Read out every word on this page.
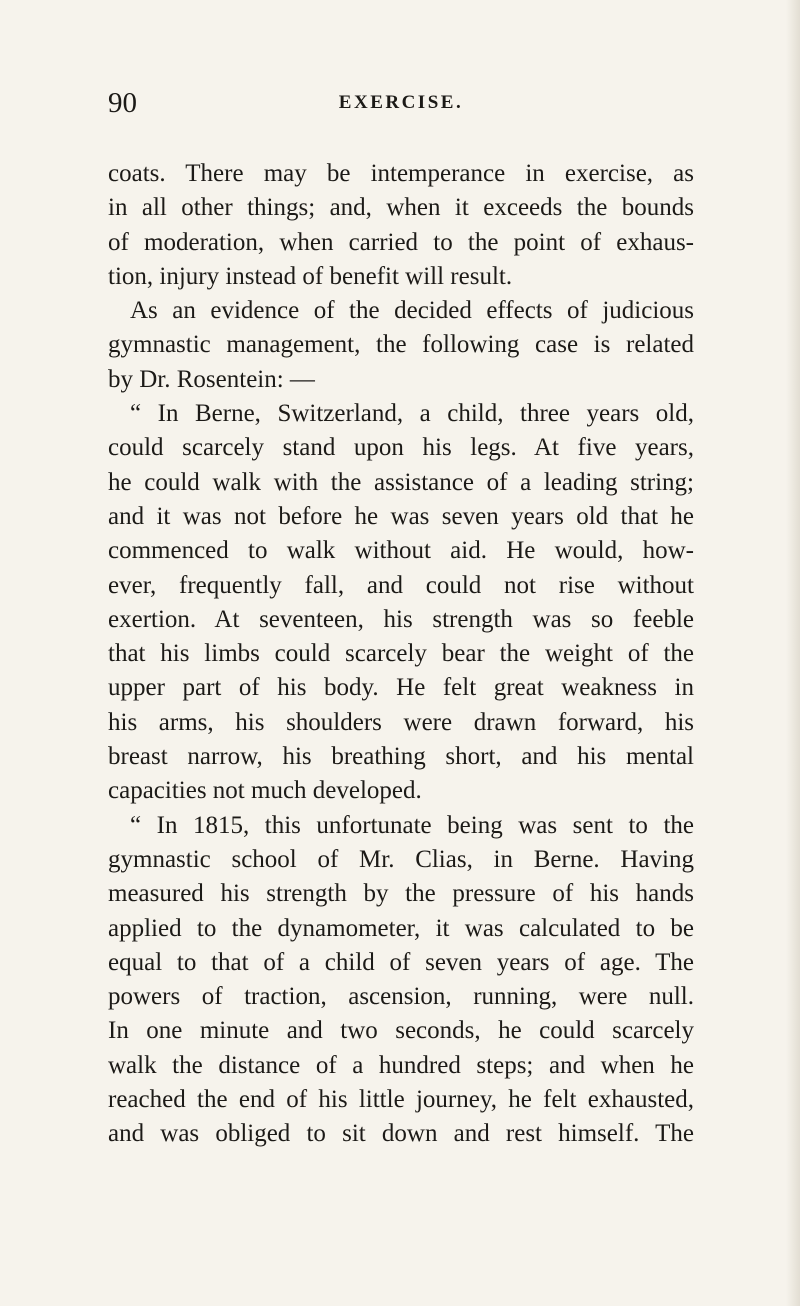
90	EXERCISE.
coats. There may be intemperance in exercise, as
in all other things; and, when it exceeds the bounds
of moderation, when carried to the point of exhaus-
tion, injury instead of benefit will result.
As an evidence of the decided effects of judicious
gymnastic management, the following case is related
by Dr. Rosentein: —
“ In Berne, Switzerland, a child, three years old,
could scarcely stand upon his legs. At five years,
he could walk with the assistance of a leading string;
and it was not before he was seven years old that he
commenced to walk without aid. He would, how-
ever, frequently fall, and could not rise without
exertion. At seventeen, his strength was so feeble
that his limbs could scarcely bear the weight of the
upper part of his body. He felt great weakness in
his arms, his shoulders were drawn forward, his
breast narrow, his breathing short, and his mental
capacities not much developed.
“ In 1815, this unfortunate being was sent to the
gymnastic school of Mr. Clias, in Berne. Having
measured his strength by the pressure of his hands
applied to the dynamometer, it was calculated to be
equal to that of a child of seven years of age. The
powers of traction, ascension, running, were null.
In one minute and two seconds, he could scarcely
walk the distance of a hundred steps; and when he
reached the end of his little journey, he felt exhausted,
and was obliged to sit down and rest himself. The
